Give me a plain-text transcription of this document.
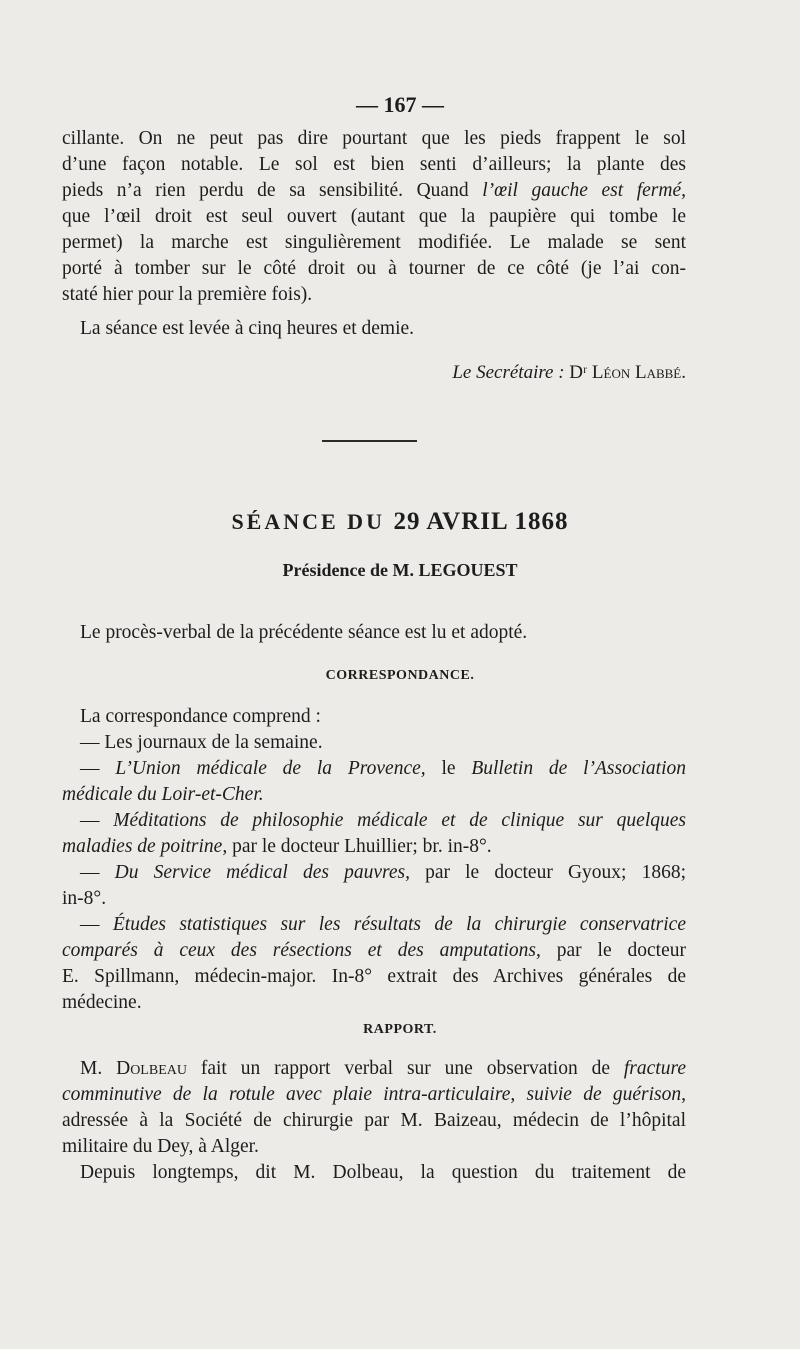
— 167 —
cillante. On ne peut pas dire pourtant que les pieds frappent le sol
d’une façon notable. Le sol est bien senti d’ailleurs; la plante des
pieds n’a rien perdu de sa sensibilité. Quand l’œil gauche est fermé,
que l’œil droit est seul ouvert (autant que la paupière qui tombe le
permet) la marche est singulièrement modifiée. Le malade se sent
porté à tomber sur le côté droit ou à tourner de ce côté (je l’ai con-
staté hier pour la première fois).
La séance est levée à cinq heures et demie.
Le Secrétaire : Dʳ Léon Labbé.
SÉANCE DU 29 AVRIL 1868
Présidence de M. LEGOUEST
Le procès-verbal de la précédente séance est lu et adopté.
CORRESPONDANCE.
La correspondance comprend :
— Les journaux de la semaine.
— L’Union médicale de la Provence, le Bulletin de l’Association
médicale du Loir-et-Cher.
— Méditations de philosophie médicale et de clinique sur quelques
maladies de poitrine, par le docteur Lhuillier; br. in-8°.
— Du Service médical des pauvres, par le docteur Gyoux; 1868;
in-8°.
— Études statistiques sur les résultats de la chirurgie conservatrice
comparés à ceux des résections et des amputations, par le docteur
E. Spillmann, médecin-major. In-8° extrait des Archives générales de
médecine.
RAPPORT.
M. Dolbeau fait un rapport verbal sur une observation de fracture
comminutive de la rotule avec plaie intra-articulaire, suivie de guérison,
adressée à la Société de chirurgie par M. Baizeau, médecin de l’hôpital
militaire du Dey, à Alger.
Depuis longtemps, dit M. Dolbeau, la question du traitement de
